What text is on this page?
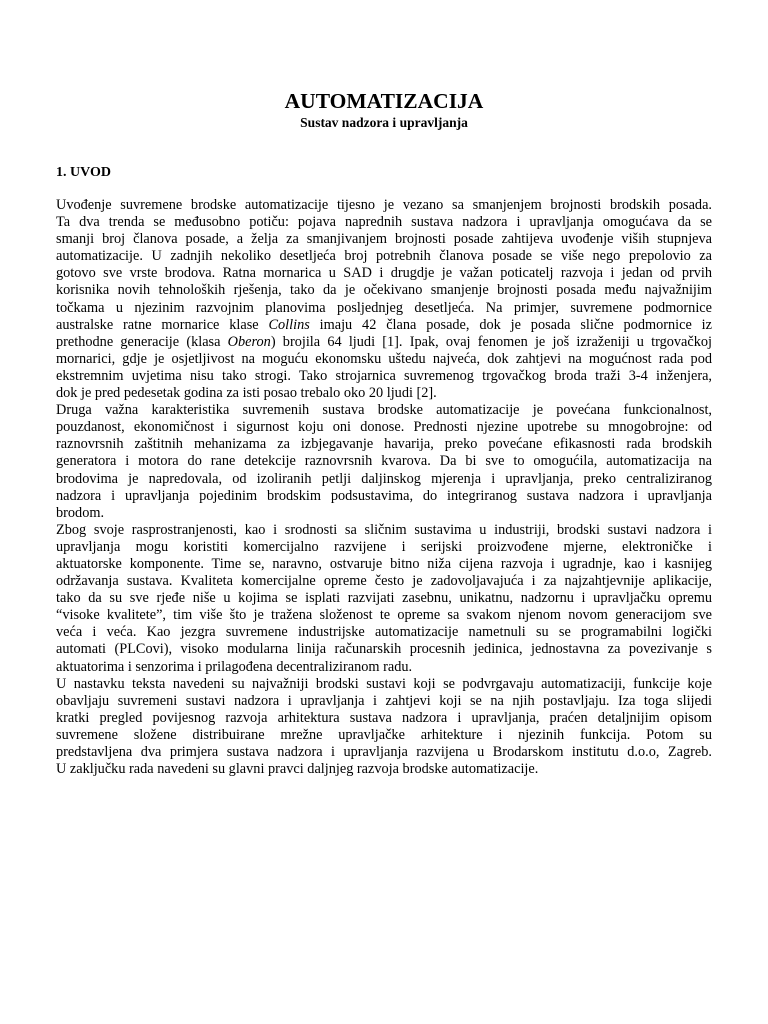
AUTOMATIZACIJA
Sustav nadzora i upravljanja
1. UVOD

Uvođenje suvremene brodske automatizacije tijesno je vezano sa smanjenjem brojnosti brodskih posada.
Ta dva trenda se međusobno potiču: pojava naprednih sustava nadzora i upravljanja omogućava da se
smanji broj članova posade, a želja za smanjivanjem brojnosti posade zahtijeva uvođenje viših stupnjeva
automatizacije. U zadnjih nekoliko desetljeća broj potrebnih članova posade se više nego prepolovio za
gotovo sve vrste brodova. Ratna mornarica u SAD i drugdje je važan poticatelj razvoja i jedan od prvih
korisnika novih tehnoloških rješenja, tako da je očekivano smanjenje brojnosti posada među najvažnijim
točkama u njezinim razvojnim planovima posljednjeg desetljeća. Na primjer, suvremene podmornice
australske ratne mornarice klase Collins imaju 42 člana posade, dok je posada slične podmornice iz
prethodne generacije (klasa Oberon) brojila 64 ljudi [1]. Ipak, ovaj fenomen je još izraženiji u trgovačkoj
mornarici, gdje je osjetljivost na moguću ekonomsku uštedu najveća, dok zahtjevi na mogućnost rada pod
ekstremnim uvjetima nisu tako strogi. Tako strojarnica suvremenog trgovačkog broda traži 3-4 inženjera,
dok je pred pedesetak godina za isti posao trebalo oko 20 ljudi [2].

Druga važna karakteristika suvremenih sustava brodske automatizacije je povećana funkcionalnost,
pouzdanost, ekonomičnost i sigurnost koju oni donose. Prednosti njezine upotrebe su mnogobrojne: od
raznovrsnih zaštitnih mehanizama za izbjegavanje havarija, preko povećane efikasnosti rada brodskih
generatora i motora do rane detekcije raznovrsnih kvarova. Da bi sve to omogućila, automatizacija na
brodovima je napredovala, od izoliranih petlji daljinskog mjerenja i upravljanja, preko centraliziranog
nadzora i upravljanja pojedinim brodskim podsustavima, do integriranog sustava nadzora i upravljanja
brodom.

Zbog svoje rasprostranjenosti, kao i srodnosti sa sličnim sustavima u industriji, brodski sustavi nadzora i
upravljanja mogu koristiti komercijalno razvijene i serijski proizvođene mjerne, elektroničke i
aktuatorske komponente. Time se, naravno, ostvaruje bitno niža cijena razvoja i ugradnje, kao i kasnijeg
održavanja sustava. Kvaliteta komercijalne opreme često je zadovoljavajuća i za najzahtjevnije aplikacije,
tako da su sve rjeđe niše u kojima se isplati razvijati zasebnu, unikatnu, nadzornu i upravljačku opremu
“visoke kvalitete”, tim više što je tražena složenost te opreme sa svakom njenom novom generacijom sve
veća i veća. Kao jezgra suvremene industrijske automatizacije nametnuli su se programabilni logički
automati (PLCovi), visoko modularna linija računarskih procesnih jedinica, jednostavna za povezivanje s
aktuatorima i senzorima i prilagođena decentraliziranom radu.

U nastavku teksta navedeni su najvažniji brodski sustavi koji se podvrgavaju automatizaciji, funkcije koje
obavljaju suvremeni sustavi nadzora i upravljanja i zahtjevi koji se na njih postavljaju. Iza toga slijedi
kratki pregled povijesnog razvoja arhitektura sustava nadzora i upravljanja, praćen detaljnijim opisom
suvremene složene distribuirane mrežne upravljačke arhitekture i njezinih funkcija. Potom su
predstavljena dva primjera sustava nadzora i upravljanja razvijena u Brodarskom institutu d.o.o, Zagreb.
U zaključku rada navedeni su glavni pravci daljnjeg razvoja brodske automatizacije.
